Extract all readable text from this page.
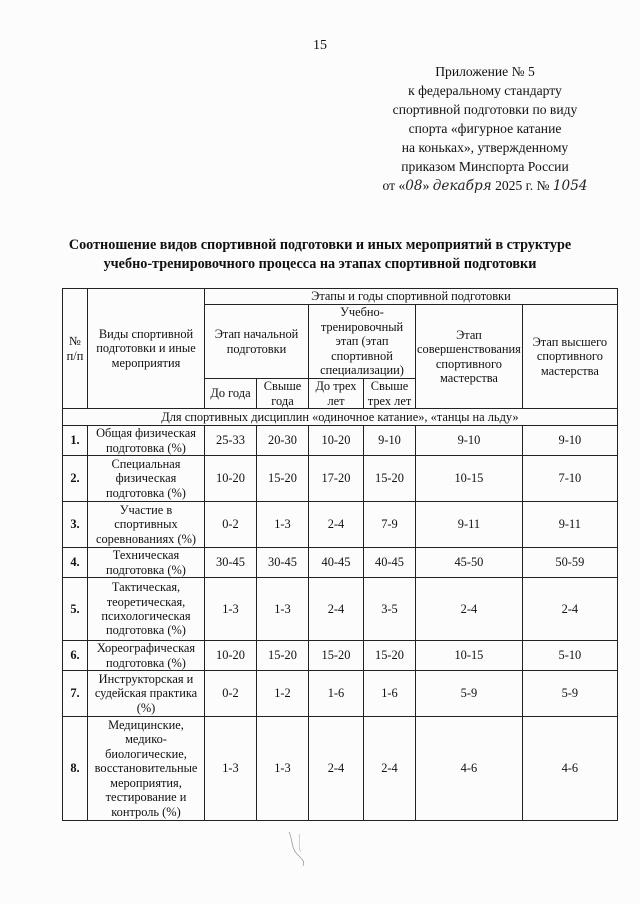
15
Приложение № 5
к федеральному стандарту
спортивной подготовки по виду
спорта «фигурное катание
на коньках», утвержденному
приказом Минспорта России
от «08» декабря 2025 г. № 1054
Соотношение видов спортивной подготовки и иных мероприятий в структуре
учебно-тренировочного процесса на этапах спортивной подготовки
№ п/п	Виды спортивной подготовки и иные мероприятия	Этапы и годы спортивной подготовки					
		Этап начальной подготовки		Учебно-тренировочный этап (этап спортивной специализации)		Этап совершенствования спортивного мастерства	Этап высшего спортивного мастерства
		До года	Свыше года	До трех лет	Свыше трех лет		
Для спортивных дисциплин «одиночное катание», «танцы на льду»							
1.	Общая физическая подготовка (%)	25-33	20-30	10-20	9-10	9-10	9-10
2.	Специальная физическая подготовка (%)	10-20	15-20	17-20	15-20	10-15	7-10
3.	Участие в спортивных соревнованиях (%)	0-2	1-3	2-4	7-9	9-11	9-11
4.	Техническая подготовка (%)	30-45	30-45	40-45	40-45	45-50	50-59
5.	Тактическая, теоретическая, психологическая подготовка (%)	1-3	1-3	2-4	3-5	2-4	2-4
6.	Хореографическая подготовка (%)	10-20	15-20	15-20	15-20	10-15	5-10
7.	Инструкторская и судейская практика (%)	0-2	1-2	1-6	1-6	5-9	5-9
8.	Медицинские, медико-биологические, восстановительные мероприятия, тестирование и контроль (%)	1-3	1-3	2-4	2-4	4-6	4-6
